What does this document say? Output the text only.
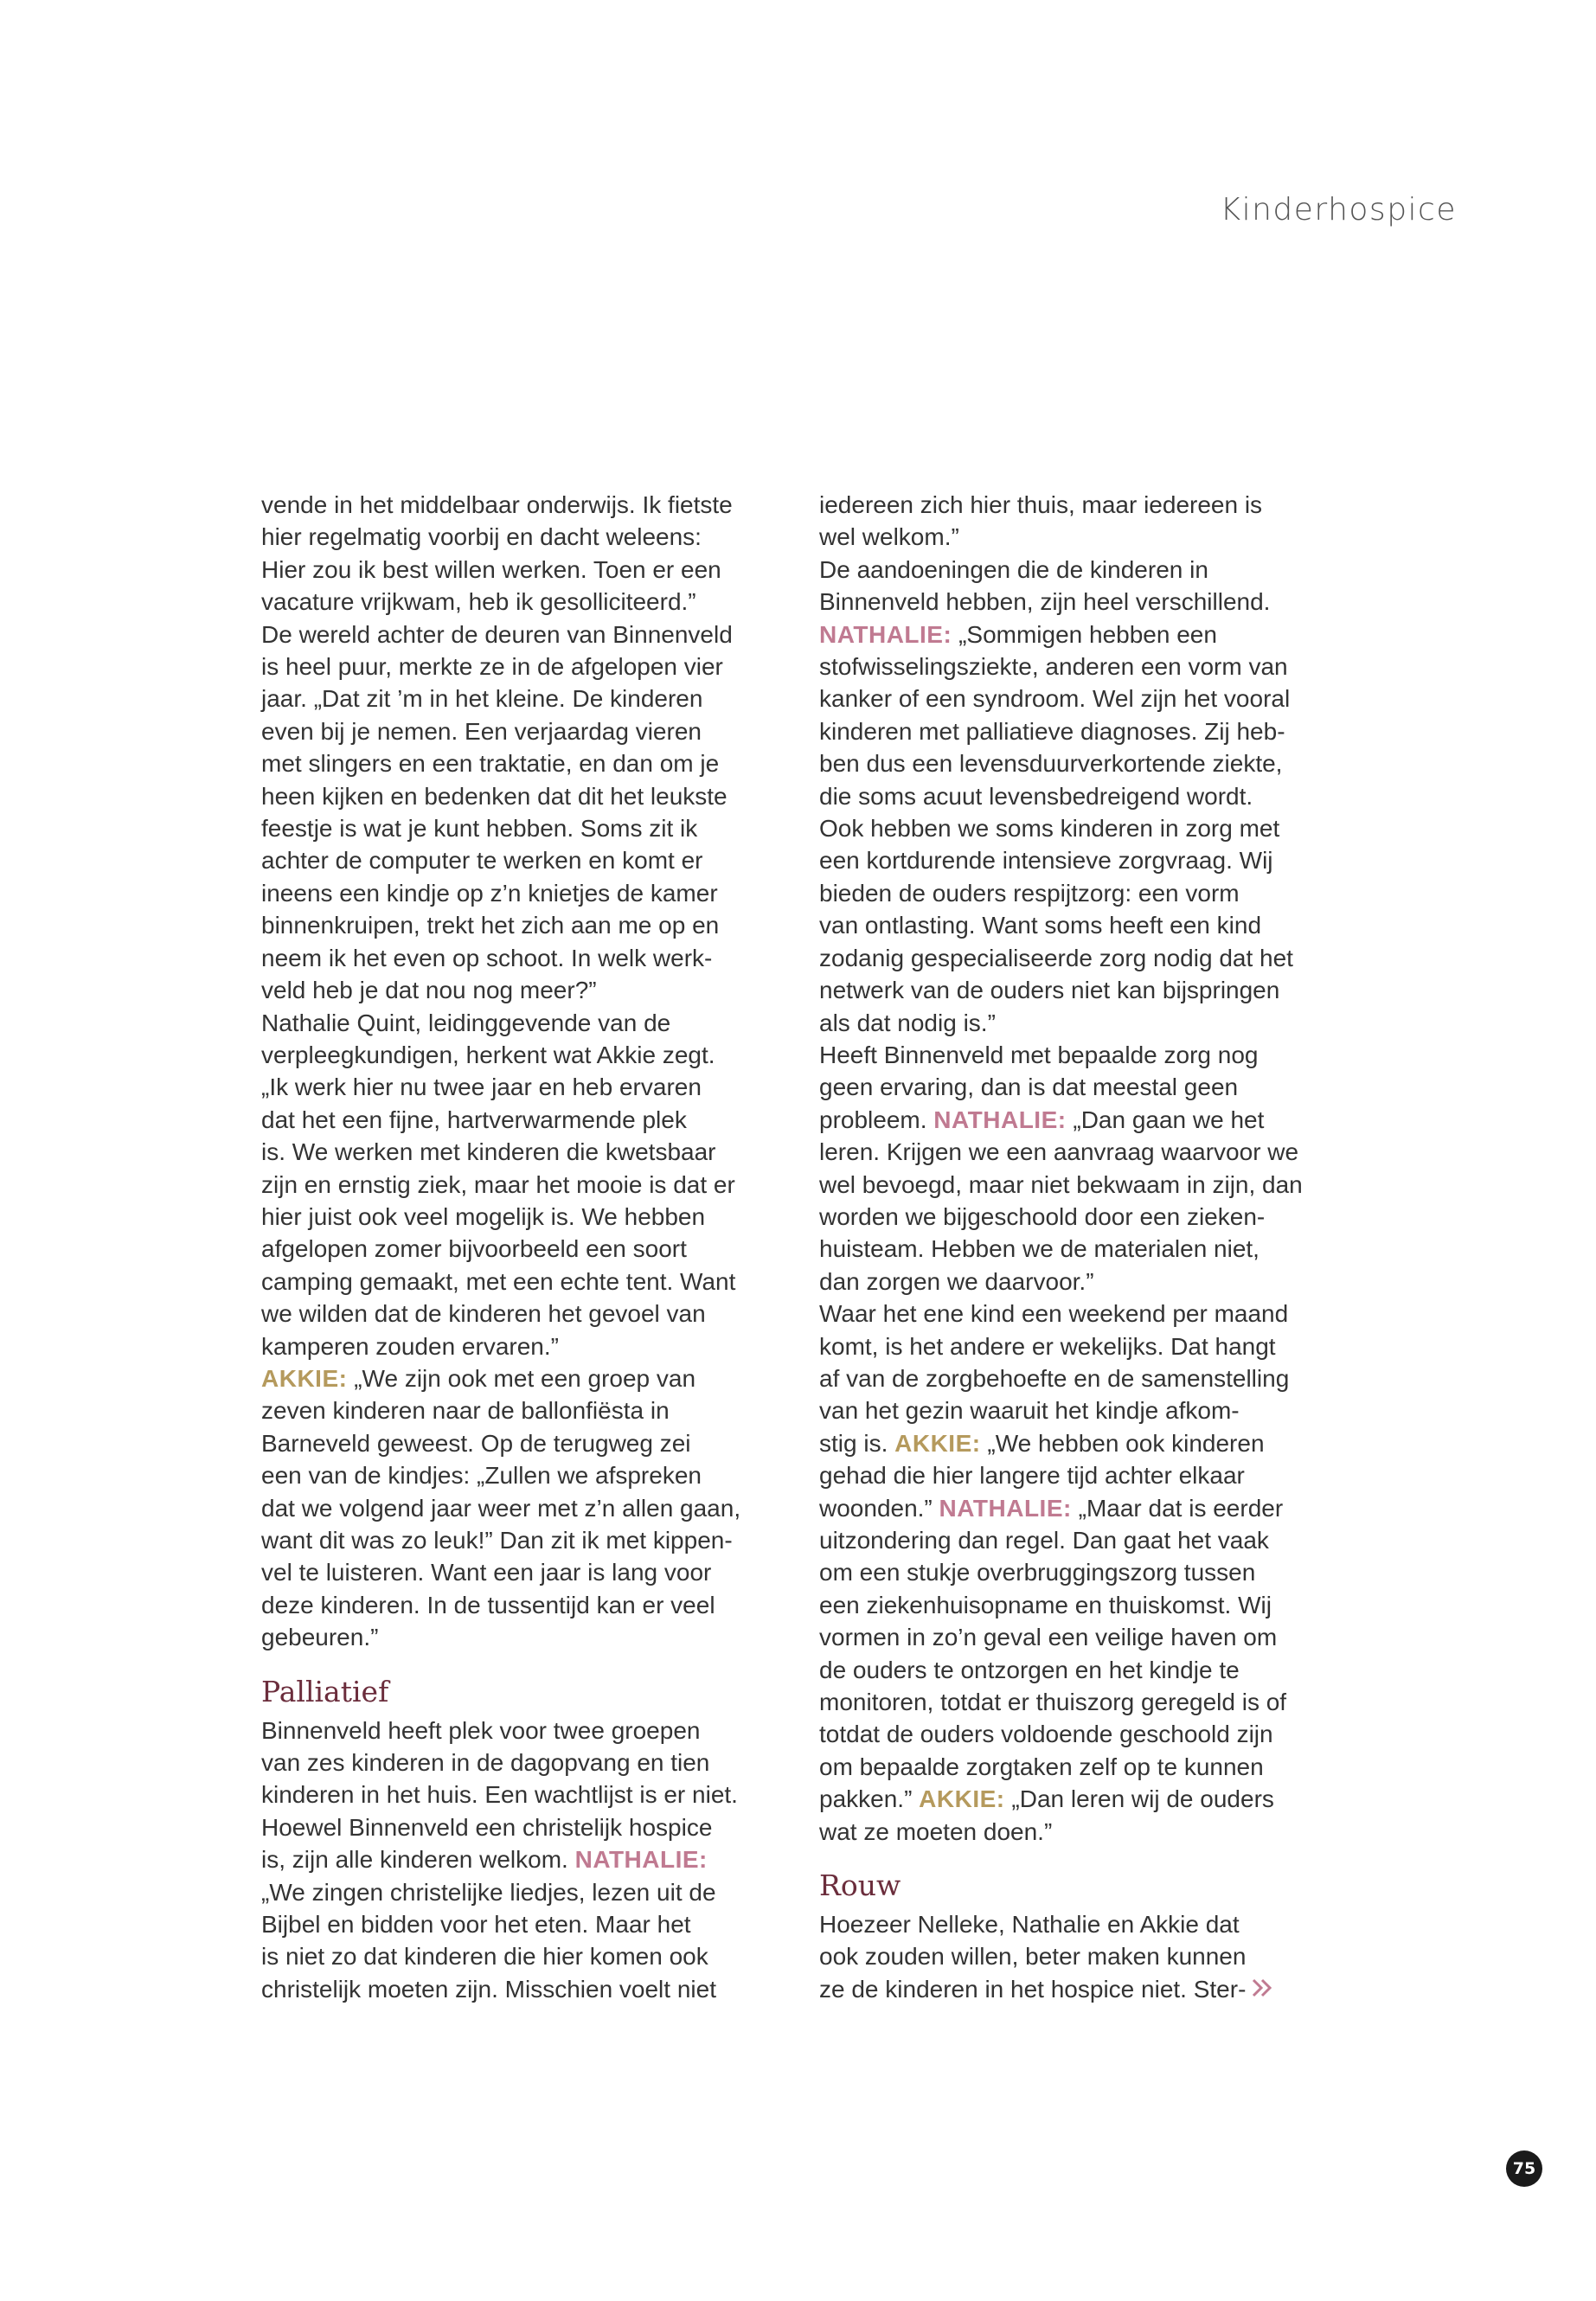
Kinderhospice

vende in het middelbaar onderwijs. Ik fietste
hier regelmatig voorbij en dacht weleens:
Hier zou ik best willen werken. Toen er een
vacature vrijkwam, heb ik gesolliciteerd.”
De wereld achter de deuren van Binnenveld
is heel puur, merkte ze in de afgelopen vier
jaar. „Dat zit ’m in het kleine. De kinderen
even bij je nemen. Een verjaardag vieren
met slingers en een traktatie, en dan om je
heen kijken en bedenken dat dit het leukste
feestje is wat je kunt hebben. Soms zit ik
achter de computer te werken en komt er
ineens een kindje op z’n knietjes de kamer
binnenkruipen, trekt het zich aan me op en
neem ik het even op schoot. In welk werk-
veld heb je dat nou nog meer?”
Nathalie Quint, leidinggevende van de
verpleegkundigen, herkent wat Akkie zegt.
„Ik werk hier nu twee jaar en heb ervaren
dat het een fijne, hartverwarmende plek
is. We werken met kinderen die kwetsbaar
zijn en ernstig ziek, maar het mooie is dat er
hier juist ook veel mogelijk is. We hebben
afgelopen zomer bijvoorbeeld een soort
camping gemaakt, met een echte tent. Want
we wilden dat de kinderen het gevoel van
kamperen zouden ervaren.”

AKKIE: „We zijn ook met een groep van
zeven kinderen naar de ballonfiësta in
Barneveld geweest. Op de terugweg zei
een van de kindjes: „Zullen we afspreken
dat we volgend jaar weer met z’n allen gaan,
want dit was zo leuk!” Dan zit ik met kippen-
vel te luisteren. Want een jaar is lang voor
deze kinderen. In de tussentijd kan er veel
gebeuren.”

Palliatief

Binnenveld heeft plek voor twee groepen
van zes kinderen in de dagopvang en tien
kinderen in het huis. Een wachtlijst is er niet.
Hoewel Binnenveld een christelijk hospice
is, zijn alle kinderen welkom. NATHALIE:
„We zingen christelijke liedjes, lezen uit de
Bijbel en bidden voor het eten. Maar het
is niet zo dat kinderen die hier komen ook
christelijk moeten zijn. Misschien voelt niet

iedereen zich hier thuis, maar iedereen is
wel welkom.”
De aandoeningen die de kinderen in
Binnenveld hebben, zijn heel verschillend.
NATHALIE: „Sommigen hebben een
stofwisselingsziekte, anderen een vorm van
kanker of een syndroom. Wel zijn het vooral
kinderen met palliatieve diagnoses. Zij heb-
ben dus een levensduurverkortende ziekte,
die soms acuut levensbedreigend wordt.
Ook hebben we soms kinderen in zorg met
een kortdurende intensieve zorgvraag. Wij
bieden de ouders respijtzorg: een vorm
van ontlasting. Want soms heeft een kind
zodanig gespecialiseerde zorg nodig dat het
netwerk van de ouders niet kan bijspringen
als dat nodig is.”
Heeft Binnenveld met bepaalde zorg nog
geen ervaring, dan is dat meestal geen
probleem. NATHALIE: „Dan gaan we het
leren. Krijgen we een aanvraag waarvoor we
wel bevoegd, maar niet bekwaam in zijn, dan
worden we bijgeschoold door een zieken-
huisteam. Hebben we de materialen niet,
dan zorgen we daarvoor.”
Waar het ene kind een weekend per maand
komt, is het andere er wekelijks. Dat hangt
af van de zorgbehoefte en de samenstelling
van het gezin waaruit het kindje afkom-
stig is. AKKIE: „We hebben ook kinderen
gehad die hier langere tijd achter elkaar
woonden.” NATHALIE: „Maar dat is eerder
uitzondering dan regel. Dan gaat het vaak
om een stukje overbruggingszorg tussen
een ziekenhuisopname en thuiskomst. Wij
vormen in zo’n geval een veilige haven om
de ouders te ontzorgen en het kindje te
monitoren, totdat er thuiszorg geregeld is of
totdat de ouders voldoende geschoold zijn
om bepaalde zorgtaken zelf op te kunnen
pakken.” AKKIE: „Dan leren wij de ouders
wat ze moeten doen.”

Rouw

Hoezeer Nelleke, Nathalie en Akkie dat
ook zouden willen, beter maken kunnen
ze de kinderen in het hospice niet. Ster-

75
